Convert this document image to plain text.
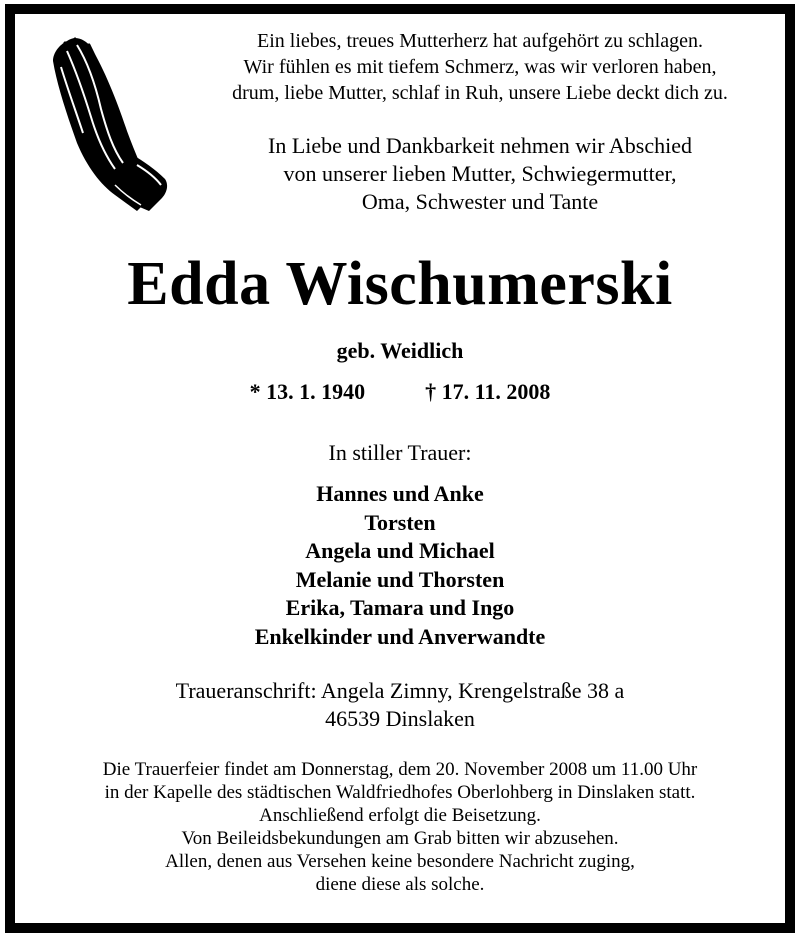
Ein liebes, treues Mutterherz hat aufgehört zu schlagen.
Wir fühlen es mit tiefem Schmerz, was wir verloren haben,
drum, liebe Mutter, schlaf in Ruh, unsere Liebe deckt dich zu.
In Liebe und Dankbarkeit nehmen wir Abschied
von unserer lieben Mutter, Schwiegermutter,
Oma, Schwester und Tante
Edda Wischumerski
geb. Weidlich
* 13. 1. 1940	† 17. 11. 2008
In stiller Trauer:
Hannes und Anke
Torsten
Angela und Michael
Melanie und Thorsten
Erika, Tamara und Ingo
Enkelkinder und Anverwandte
Traueranschrift: Angela Zimny, Krengelstraße 38 a
46539 Dinslaken
Die Trauerfeier findet am Donnerstag, dem 20. November 2008 um 11.00 Uhr
in der Kapelle des städtischen Waldfriedhofes Oberlohberg in Dinslaken statt.
Anschließend erfolgt die Beisetzung.
Von Beileidsbekundungen am Grab bitten wir abzusehen.
Allen, denen aus Versehen keine besondere Nachricht zuging,
diene diese als solche.
